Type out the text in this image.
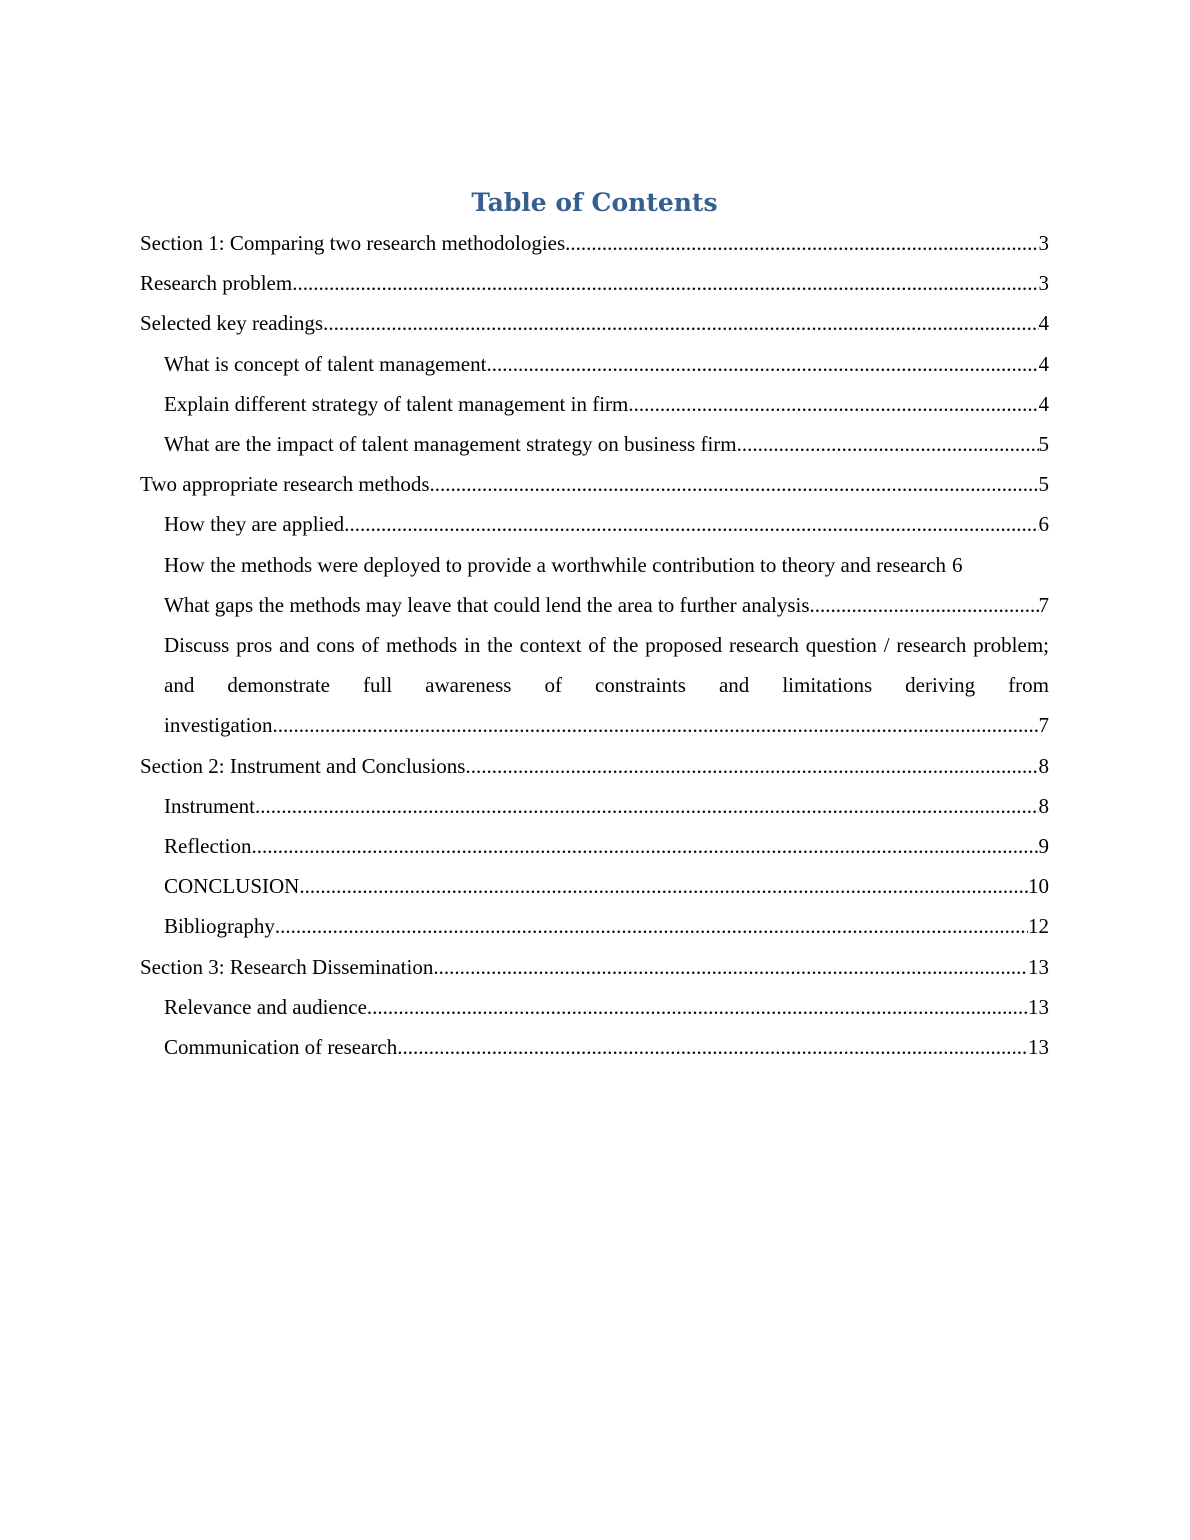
Table of Contents
Section 1: Comparing two research methodologies .....	3
Research problem .....	3
Selected key readings .....	4
What is concept of talent management .....	4
Explain different strategy of talent management in firm .....	4
What are the impact of talent management strategy on business firm .....	5
Two appropriate research methods .....	5
How they are applied .....	6
How the methods were deployed to provide a worthwhile contribution to theory and research 6
What gaps the methods may leave that could lend the area to further analysis .....	7
Discuss pros and cons of methods in the context of the proposed research question / research problem; and demonstrate full awareness of constraints and limitations deriving from
investigation .....	7
Section 2: Instrument and Conclusions .....	8
Instrument .....	8
Reflection .....	9
CONCLUSION .....	10
Bibliography .....	12
Section 3: Research Dissemination .....	13
Relevance and audience .....	13
Communication of research .....	13
